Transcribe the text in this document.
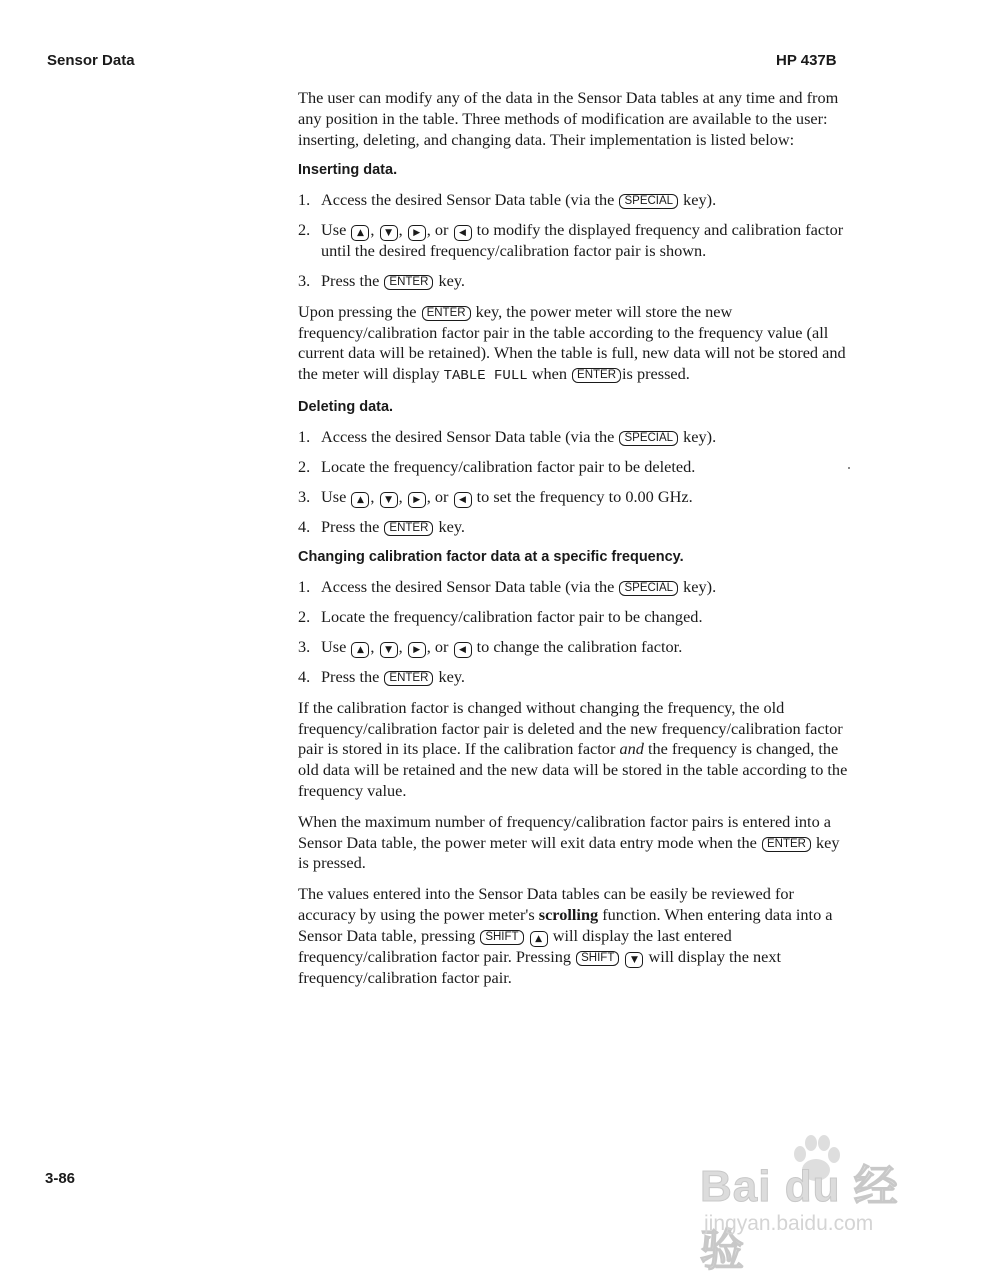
Sensor Data	HP 437B

The user can modify any of the data in the Sensor Data tables at any time and from any position in the table. Three methods of modification are available to the user: inserting, deleting, and changing data. Their implementation is listed below:

Inserting data.
1. Access the desired Sensor Data table (via the SPECIAL key).
2. Use ▲ , ▼ , ▶ , or ◀ to modify the displayed frequency and calibration factor until the desired frequency/calibration factor pair is shown.
3. Press the ENTER key.

Upon pressing the ENTER key, the power meter will store the new frequency/calibration factor pair in the table according to the frequency value (all current data will be retained). When the table is full, new data will not be stored and the meter will display TABLE FULL when ENTER is pressed.

Deleting data.
1. Access the desired Sensor Data table (via the SPECIAL key).
2. Locate the frequency/calibration factor pair to be deleted.
3. Use ▲ , ▼ , ▶ , or ◀ to set the frequency to 0.00 GHz.
4. Press the ENTER key.
Changing calibration factor data at a specific frequency.
1. Access the desired Sensor Data table (via the SPECIAL key).
2. Locate the frequency/calibration factor pair to be changed.
3. Use ▲ , ▼ , ▶ , or ◀ to change the calibration factor.
4. Press the ENTER key.

If the calibration factor is changed without changing the frequency, the old frequency/calibration factor pair is deleted and the new frequency/calibration factor pair is stored in its place. If the calibration factor and the frequency is changed, the old data will be retained and the new data will be stored in the table according to the frequency value.

When the maximum number of frequency/calibration factor pairs is entered into a Sensor Data table, the power meter will exit data entry mode when the ENTER key is pressed.

The values entered into the Sensor Data tables can be easily be reviewed for accuracy by using the power meter's scrolling function. When entering data into a Sensor Data table, pressing SHIFT ▲ will display the last entered frequency/calibration factor pair. Pressing SHIFT ▼ will display the next frequency/calibration factor pair.

3-86	Bai du 经验
jingyan.baidu.com
